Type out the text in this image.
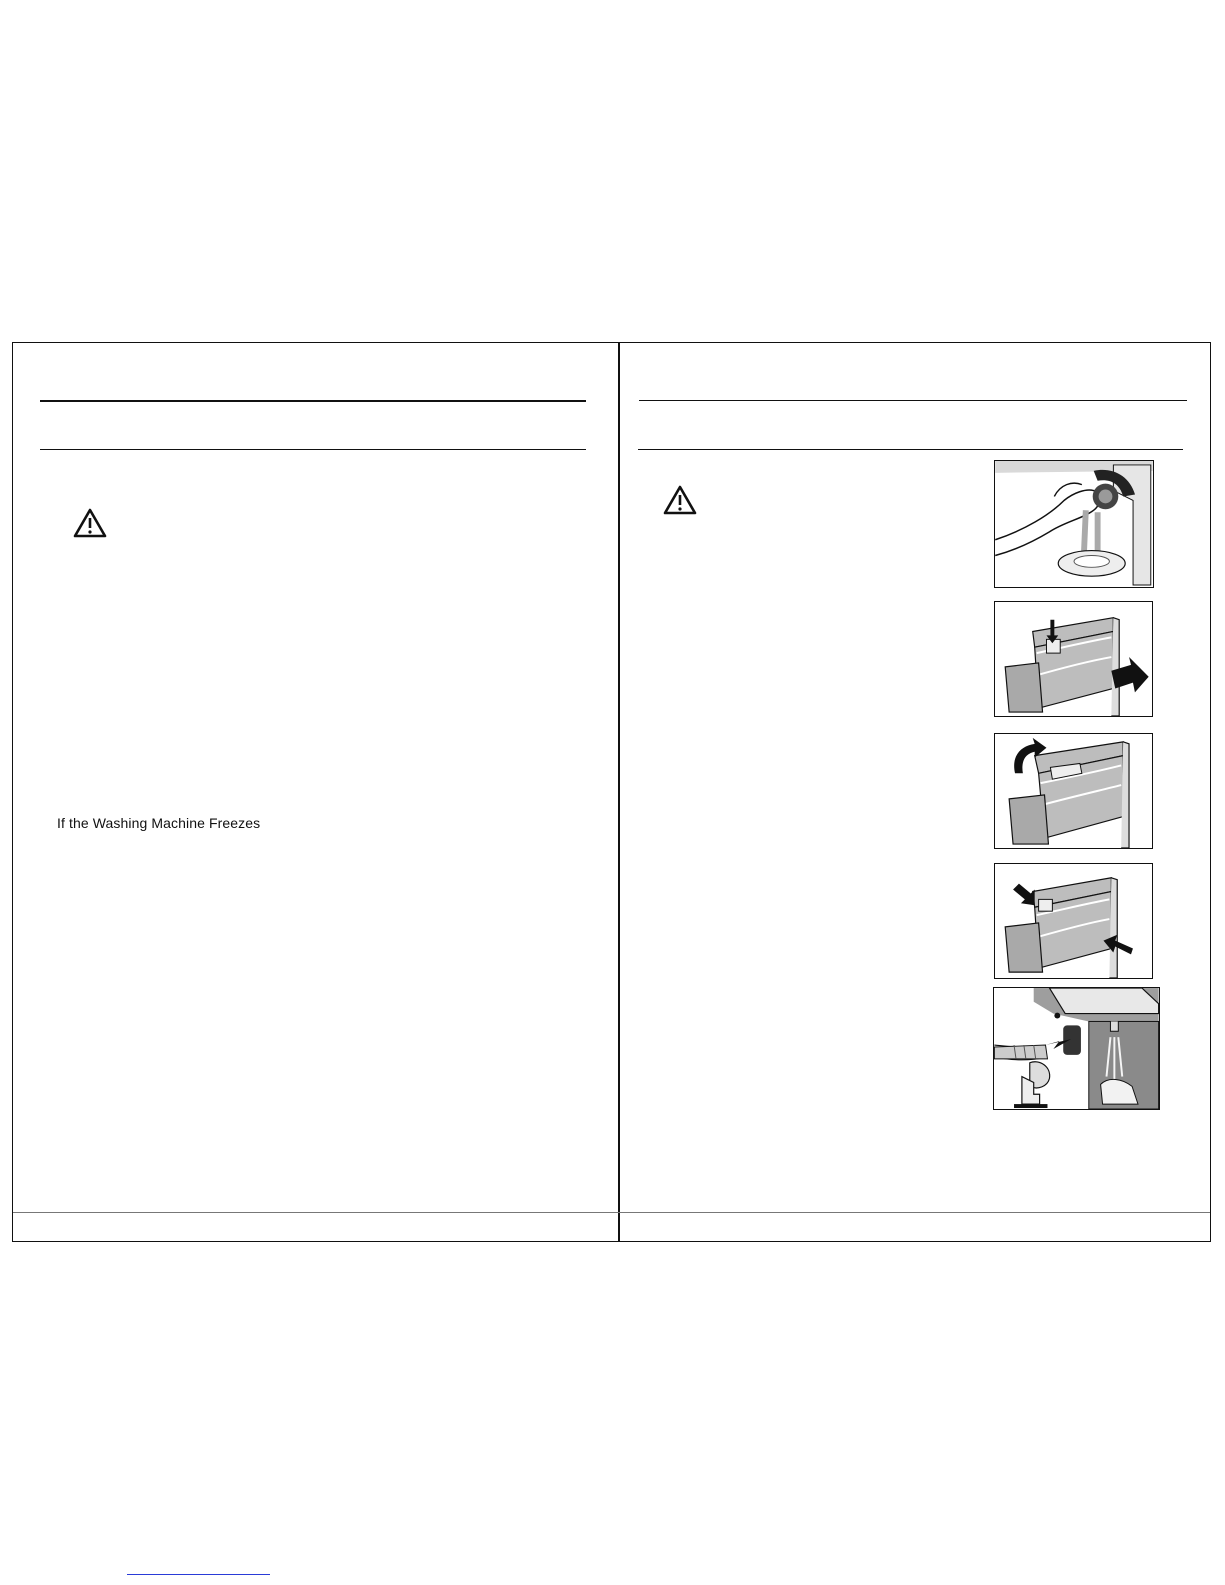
If the Washing Machine Freezes
